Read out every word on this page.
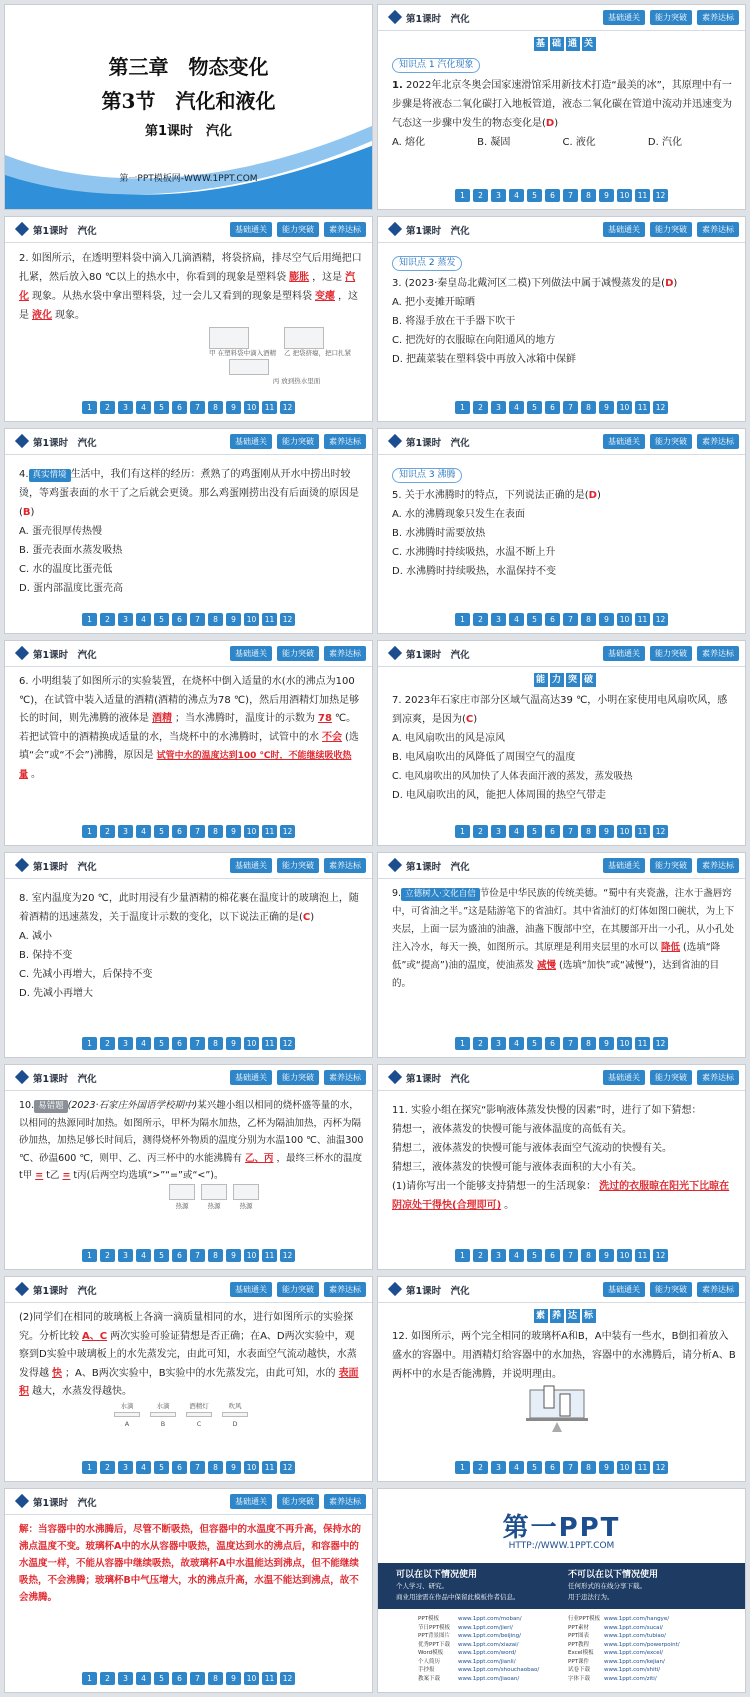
第三章　物态变化
第3节　汽化和液化
第1课时　汽化
第一PPT模板网-WWW.1PPT.COM
第1课时　汽化	基础通关	能力突破	素养达标
基 础 通 关
知识点 1 汽化现象
1. 2022年北京冬奥会国家速滑馆采用新技术打造“最美的冰”，其原理中有一步骤是将液态二氧化碳打入地板管道，液态二氧化碳在管道中流动并迅速变为气态这一步骤中发生的物态变化是(D)
A. 熔化	B. 凝固	C. 液化	D. 汽化
1	2	3	4	5	6	7	8	9	10	11	12
第1课时　汽化	基础通关	能力突破	素养达标
2. 如图所示，在透明塑料袋中滴入几滴酒精，将袋挤扁，排尽空气后用绳把口扎紧，然后放入80 ℃以上的热水中，你看到的现象是塑料袋 膨胀 ，这是 汽化 现象。从热水袋中拿出塑料袋，过一会儿又看到的现象是塑料袋 变瘪 ，这是 液化 现象。
甲 在塑料袋中滴入酒精 乙 把袋挤瘪，把口扎紧
丙 放到热水里面
1	2	3	4	5	6	7	8	9	10	11	12
第1课时　汽化	基础通关	能力突破	素养达标
知识点 2 蒸发
3. (2023·秦皇岛北戴河区二模)下列做法中属于减慢蒸发的是(D)
A. 把小麦摊开晾晒
B. 将湿手放在干手器下吹干
C. 把洗好的衣服晾在向阳通风的地方
D. 把蔬菜装在塑料袋中再放入冰箱中保鲜
1	2	3	4	5	6	7	8	9	10	11	12
第1课时　汽化	基础通关	能力突破	素养达标
4. 真实情境 生活中，我们有这样的经历：煮熟了的鸡蛋刚从开水中捞出时较烫，等鸡蛋表面的水干了之后就会更烫。那么鸡蛋刚捞出没有后面烫的原因是(B)
A. 蛋壳很厚传热慢
B. 蛋壳表面水蒸发吸热
C. 水的温度比蛋壳低
D. 蛋内部温度比蛋壳高
1	2	3	4	5	6	7	8	9	10	11	12
第1课时　汽化	基础通关	能力突破	素养达标
知识点 3 沸腾
5. 关于水沸腾时的特点，下列说法正确的是(D)
A. 水的沸腾现象只发生在表面
B. 水沸腾时需要放热
C. 水沸腾时持续吸热，水温不断上升
D. 水沸腾时持续吸热，水温保持不变
1	2	3	4	5	6	7	8	9	10	11	12
第1课时　汽化	基础通关	能力突破	素养达标
6. 小明组装了如图所示的实验装置，在烧杯中倒入适量的水(水的沸点为100 ℃)，在试管中装入适量的酒精(酒精的沸点为78 ℃)，然后用酒精灯加热足够长的时间，则先沸腾的液体是 酒精 ；当水沸腾时，温度计的示数为 78 ℃。若把试管中的酒精换成适量的水，当烧杯中的水沸腾时，试管中的水 不会 (选填“会”或“不会”)沸腾，原因是 试管中水的温度达到100 ℃时，不能继续吸收热量 。
1	2	3	4	5	6	7	8	9	10	11	12
第1课时　汽化	基础通关	能力突破	素养达标
能 力 突 破
7. 2023年石家庄市部分区域气温高达39 ℃，小明在家使用电风扇吹风，感到凉爽，是因为(C)
A. 电风扇吹出的风是凉风
B. 电风扇吹出的风降低了周围空气的温度
C. 电风扇吹出的风加快了人体表面汗液的蒸发，蒸发吸热
D. 电风扇吹出的风，能把人体周围的热空气带走
1	2	3	4	5	6	7	8	9	10	11	12
第1课时　汽化	基础通关	能力突破	素养达标
8. 室内温度为20 ℃，此时用浸有少量酒精的棉花裹在温度计的玻璃泡上，随着酒精的迅速蒸发，关于温度计示数的变化，以下说法正确的是(C)
A. 减小
B. 保持不变
C. 先减小再增大，后保持不变
D. 先减小再增大
1	2	3	4	5	6	7	8	9	10	11	12
第1课时　汽化	基础通关	能力突破	素养达标
9. 立德树人·文化自信 节俭是中华民族的传统美德。“蜀中有夹瓷盏，注水于盏唇窍中，可省油之半。”这是陆游笔下的省油灯。其中省油灯的灯体如图口碗状，为上下夹层，上面一层为盛油的油盏，油盏下腹部中空，在其腰部开出一小孔，从小孔处注入冷水，每天一换，如图所示。其原理是利用夹层里的水可以 降低 (选填“降低”或“提高”)油的温度，使油蒸发 减慢 (选填“加快”或“减慢”)，达到省油的目的。
1	2	3	4	5	6	7	8	9	10	11	12
第1课时　汽化	基础通关	能力突破	素养达标
10. 易错题 (2023·石家庄外国语学校期中)某兴趣小组以相同的烧杯盛等量的水，以相同的热源同时加热。如图所示，甲杯为隔水加热，乙杯为隔油加热，丙杯为隔砂加热，加热足够长时间后，测得烧杯外物质的温度分别为水温100 ℃、油温300 ℃、砂温600 ℃，则甲、乙、丙三杯中的水能沸腾有 乙、丙 ，最终三杯水的温度t甲 = t乙 = t丙(后两空均选填“>”“=”或“<”)。
热源	热源	热源
1	2	3	4	5	6	7	8	9	10	11	12
第1课时　汽化	基础通关	能力突破	素养达标
11. 实验小组在探究“影响液体蒸发快慢的因素”时，进行了如下猜想：
猜想一，液体蒸发的快慢可能与液体温度的高低有关。
猜想二，液体蒸发的快慢可能与液体表面空气流动的快慢有关。
猜想三，液体蒸发的快慢可能与液体表面积的大小有关。
(1)请你写出一个能够支持猜想一的生活现象： 洗过的衣服晾在阳光下比晾在阴凉处干得快(合理即可) 。
1	2	3	4	5	6	7	8	9	10	11	12
第1课时　汽化	基础通关	能力突破	素养达标
(2)同学们在相同的玻璃板上各滴一滴质量相同的水，进行如图所示的实验探究。分析比较 A、C 两次实验可验证猜想是否正确；在A、D两次实验中，观察到D实验中玻璃板上的水先蒸发完，由此可知，水表面空气流动越快，水蒸发得越 快 ；A、B两次实验中，B实验中的水先蒸发完，由此可知，水的 表面积 越大，水蒸发得越快。
水滴
A
水滴
B
酒精灯
C
吹风
D
1	2	3	4	5	6	7	8	9	10	11	12
第1课时　汽化	基础通关	能力突破	素养达标
素 养 达 标
12. 如图所示，两个完全相同的玻璃杯A和B，A中装有一些水，B倒扣着放入盛水的容器中。用酒精灯给容器中的水加热，容器中的水沸腾后，请分析A、B两杯中的水是否能沸腾，并说明理由。
1	2	3	4	5	6	7	8	9	10	11	12
第1课时　汽化	基础通关	能力突破	素养达标
解：当容器中的水沸腾后，尽管不断吸热，但容器中的水温度不再升高，保持水的沸点温度不变。玻璃杯A中的水从容器中吸热，温度达到水的沸点后，和容器中的水温度一样，不能从容器中继续吸热，故玻璃杯A中水温能达到沸点，但不能继续吸热，不会沸腾；玻璃杯B中气压增大，水的沸点升高，水温不能达到沸点，故不会沸腾。
1	2	3	4	5	6	7	8	9	10	11	12
第一PPT
HTTP://WWW.1PPT.COM
可以在以下情况使用
个人学习、研究。
商业用途需在作品中保留此模板作者信息。
不可以在以下情况使用
任何形式的在线分享下载。
用于违法行为。
PPT模板	www.1ppt.com/moban/
节日PPT模板 www.1ppt.com/jieri/
PPT背景图片 www.1ppt.com/beijing/
优秀PPT下载 www.1ppt.com/xiazai/
Word模板	www.1ppt.com/word/
个人简历	www.1ppt.com/jianli/
手抄报	www.1ppt.com/shouchaobao/
教案下载	www.1ppt.com/jiaoan/
行业PPT模板 www.1ppt.com/hangye/
PPT素材	www.1ppt.com/sucai/
PPT图表	www.1ppt.com/tubiao/
PPT教程	www.1ppt.com/powerpoint/
Excel模板 www.1ppt.com/excel/
PPT课件	www.1ppt.com/kejian/
试卷下载	www.1ppt.com/shiti/
字体下载	www.1ppt.com/ziti/
